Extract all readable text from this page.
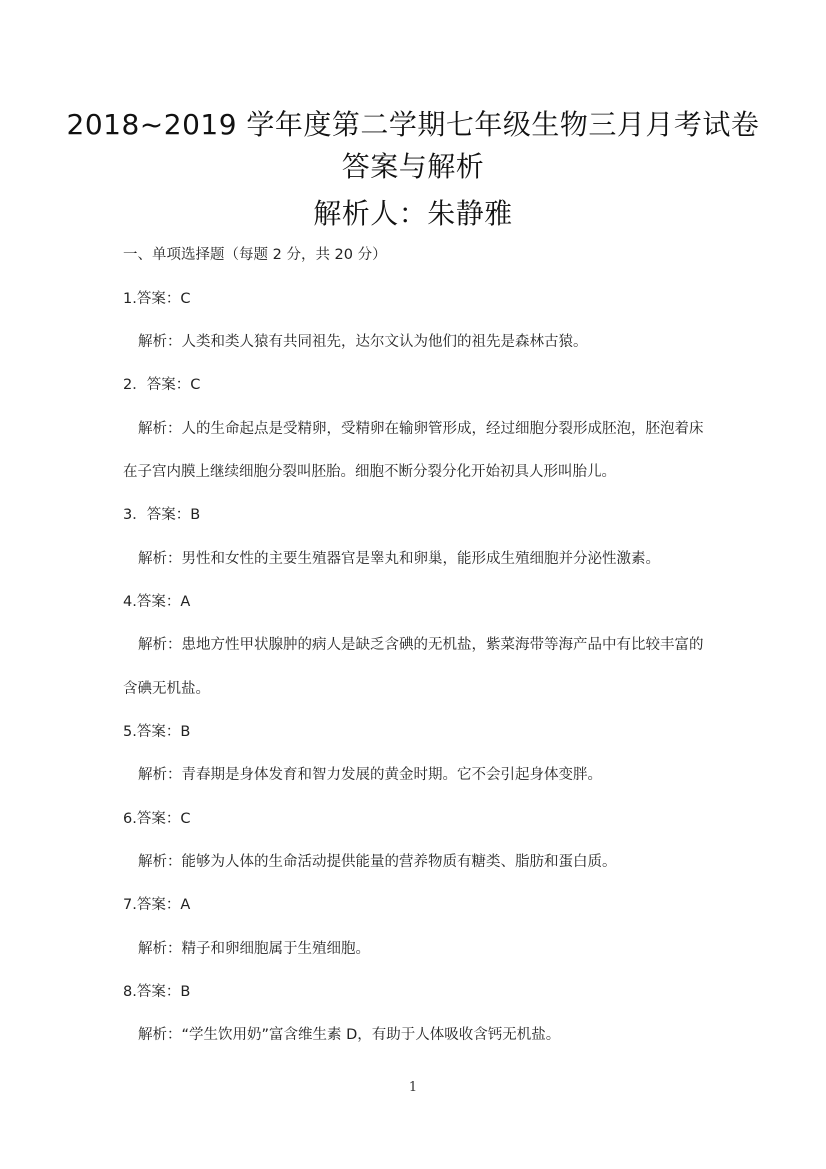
2018~2019 学年度第二学期七年级生物三月月考试卷
答案与解析
解析人：朱静雅
一、单项选择题（每题 2 分，共 20 分）
1.答案：C
解析：人类和类人猿有共同祖先，达尔文认为他们的祖先是森林古猿。
2．答案：C
解析：人的生命起点是受精卵，受精卵在输卵管形成，经过细胞分裂形成胚泡，胚泡着床
在子宫内膜上继续细胞分裂叫胚胎。细胞不断分裂分化开始初具人形叫胎儿。
3．答案：B
解析：男性和女性的主要生殖器官是睾丸和卵巢，能形成生殖细胞并分泌性激素。
4.答案：A
解析：患地方性甲状腺肿的病人是缺乏含碘的无机盐，紫菜海带等海产品中有比较丰富的
含碘无机盐。
5.答案：B
解析：青春期是身体发育和智力发展的黄金时期。它不会引起身体变胖。
6.答案：C
解析：能够为人体的生命活动提供能量的营养物质有糖类、脂肪和蛋白质。
7.答案：A
解析：精子和卵细胞属于生殖细胞。
8.答案：B
解析：“学生饮用奶”富含维生素 D，有助于人体吸收含钙无机盐。
1
